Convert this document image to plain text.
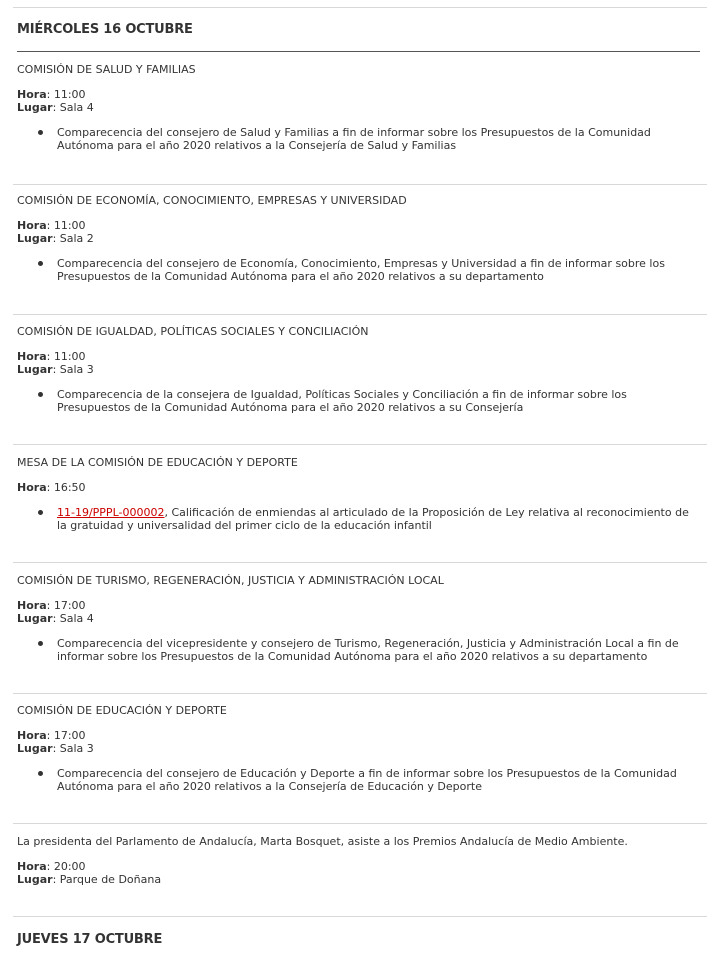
MIÉRCOLES 16 OCTUBRE
COMISIÓN DE SALUD Y FAMILIAS
Hora: 11:00
Lugar: Sala 4
Comparecencia del consejero de Salud y Familias a fin de informar sobre los Presupuestos de la Comunidad Autónoma para el año 2020 relativos a la Consejería de Salud y Familias
COMISIÓN DE ECONOMÍA, CONOCIMIENTO, EMPRESAS Y UNIVERSIDAD
Hora: 11:00
Lugar: Sala 2
Comparecencia del consejero de Economía, Conocimiento, Empresas y Universidad a fin de informar sobre los Presupuestos de la Comunidad Autónoma para el año 2020 relativos a su departamento
COMISIÓN DE IGUALDAD, POLÍTICAS SOCIALES Y CONCILIACIÓN
Hora: 11:00
Lugar: Sala 3
Comparecencia de la consejera de Igualdad, Políticas Sociales y Conciliación a fin de informar sobre los Presupuestos de la Comunidad Autónoma para el año 2020 relativos a su Consejería
MESA DE LA COMISIÓN DE EDUCACIÓN Y DEPORTE
Hora: 16:50
11-19/PPPL-000002, Calificación de enmiendas al articulado de la Proposición de Ley relativa al reconocimiento de la gratuidad y universalidad del primer ciclo de la educación infantil
COMISIÓN DE TURISMO, REGENERACIÓN, JUSTICIA Y ADMINISTRACIÓN LOCAL
Hora: 17:00
Lugar: Sala 4
Comparecencia del vicepresidente y consejero de Turismo, Regeneración, Justicia y Administración Local a fin de informar sobre los Presupuestos de la Comunidad Autónoma para el año 2020 relativos a su departamento
COMISIÓN DE EDUCACIÓN Y DEPORTE
Hora: 17:00
Lugar: Sala 3
Comparecencia del consejero de Educación y Deporte a fin de informar sobre los Presupuestos de la Comunidad Autónoma para el año 2020 relativos a la Consejería de Educación y Deporte
La presidenta del Parlamento de Andalucía, Marta Bosquet, asiste a los Premios Andalucía de Medio Ambiente.
Hora: 20:00
Lugar: Parque de Doñana
JUEVES 17 OCTUBRE
